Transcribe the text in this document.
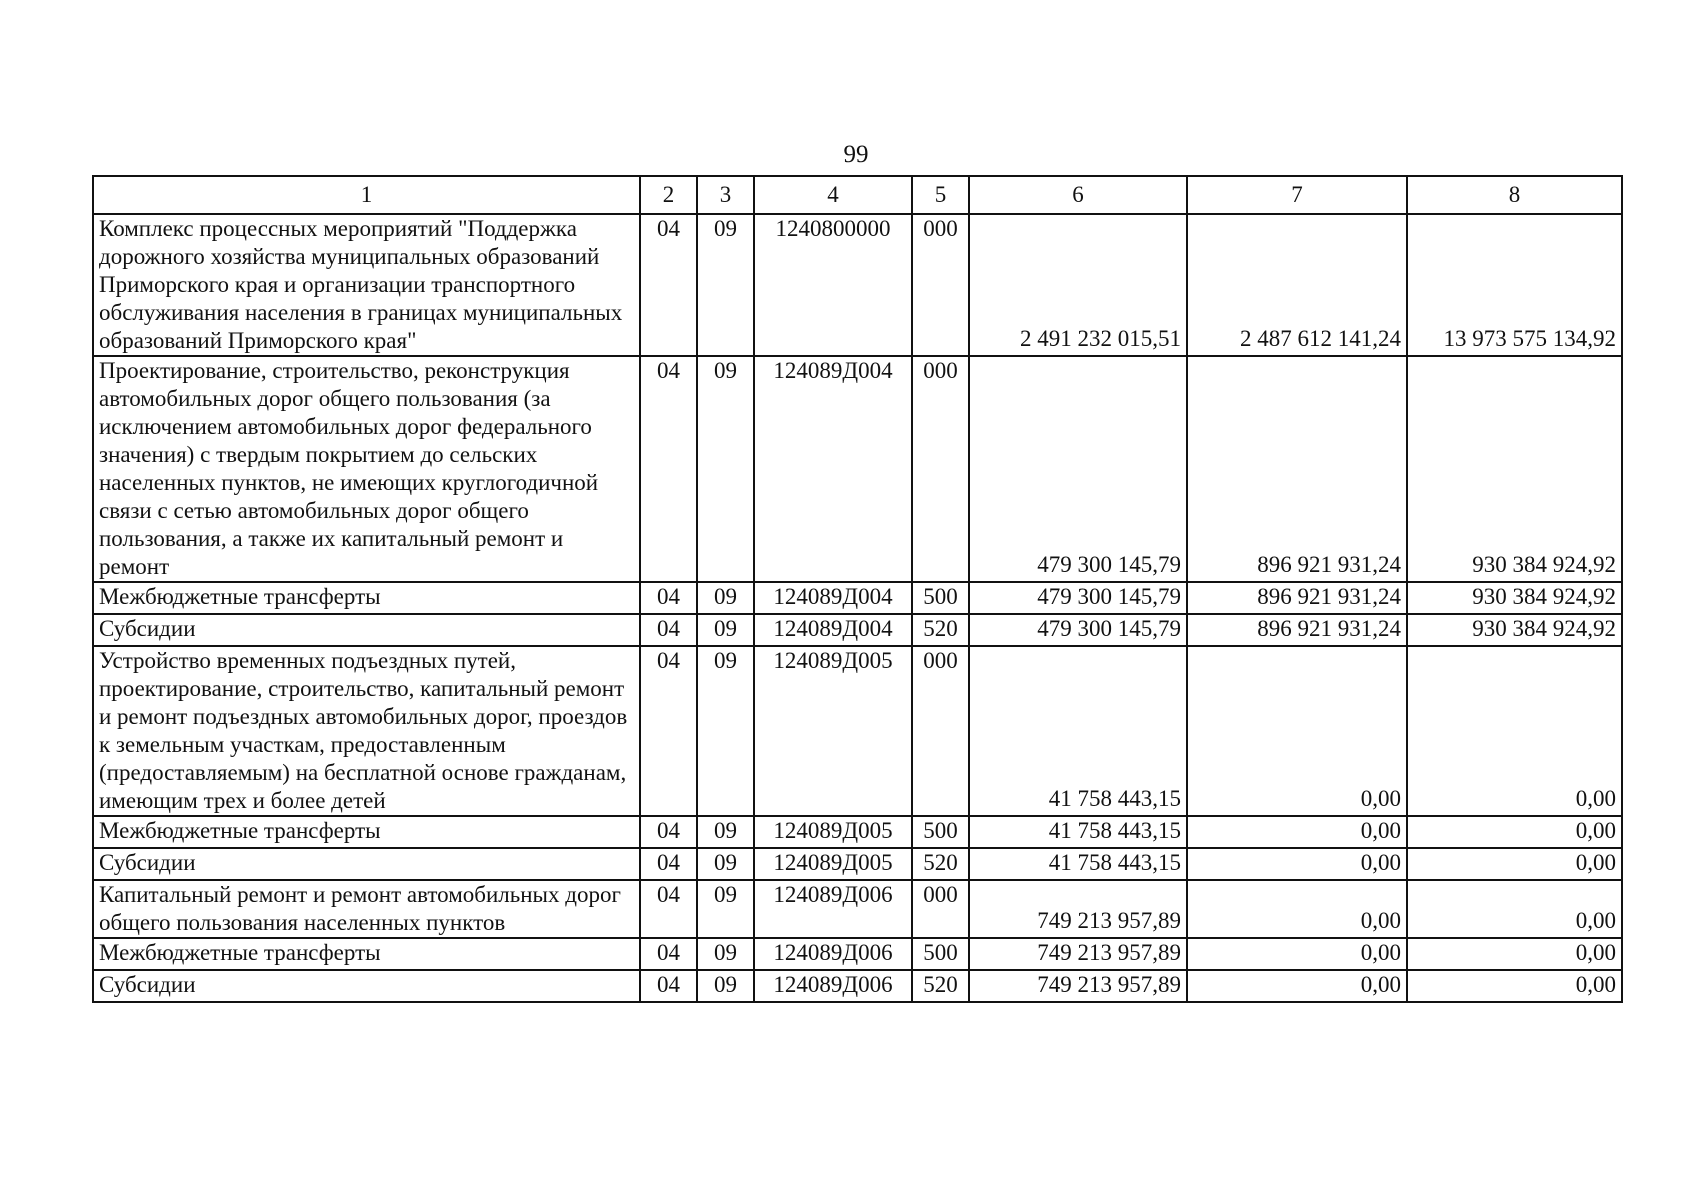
99
1	2	3	4	5	6	7	8
Комплекс процессных мероприятий "Поддержка дорожного хозяйства муниципальных образований Приморского края и организации транспортного обслуживания населения в границах муниципальных образований Приморского края"	04	09	1240800000	000	2 491 232 015,51	2 487 612 141,24	13 973 575 134,92
Проектирование, строительство, реконструкция автомобильных дорог общего пользования (за исключением автомобильных дорог федерального значения) с твердым покрытием до сельских населенных пунктов, не имеющих круглогодичной связи с сетью автомобильных дорог общего пользования, а также их капитальный ремонт и ремонт	04	09	124089Д004	000	479 300 145,79	896 921 931,24	930 384 924,92
Межбюджетные трансферты	04	09	124089Д004	500	479 300 145,79	896 921 931,24	930 384 924,92
Субсидии	04	09	124089Д004	520	479 300 145,79	896 921 931,24	930 384 924,92
Устройство временных подъездных путей, проектирование, строительство, капитальный ремонт и ремонт подъездных автомобильных дорог, проездов к земельным участкам, предоставленным (предоставляемым) на бесплатной основе гражданам, имеющим трех и более детей	04	09	124089Д005	000	41 758 443,15	0,00	0,00
Межбюджетные трансферты	04	09	124089Д005	500	41 758 443,15	0,00	0,00
Субсидии	04	09	124089Д005	520	41 758 443,15	0,00	0,00
Капитальный ремонт и ремонт автомобильных дорог общего пользования населенных пунктов	04	09	124089Д006	000	749 213 957,89	0,00	0,00
Межбюджетные трансферты	04	09	124089Д006	500	749 213 957,89	0,00	0,00
Субсидии	04	09	124089Д006	520	749 213 957,89	0,00	0,00
